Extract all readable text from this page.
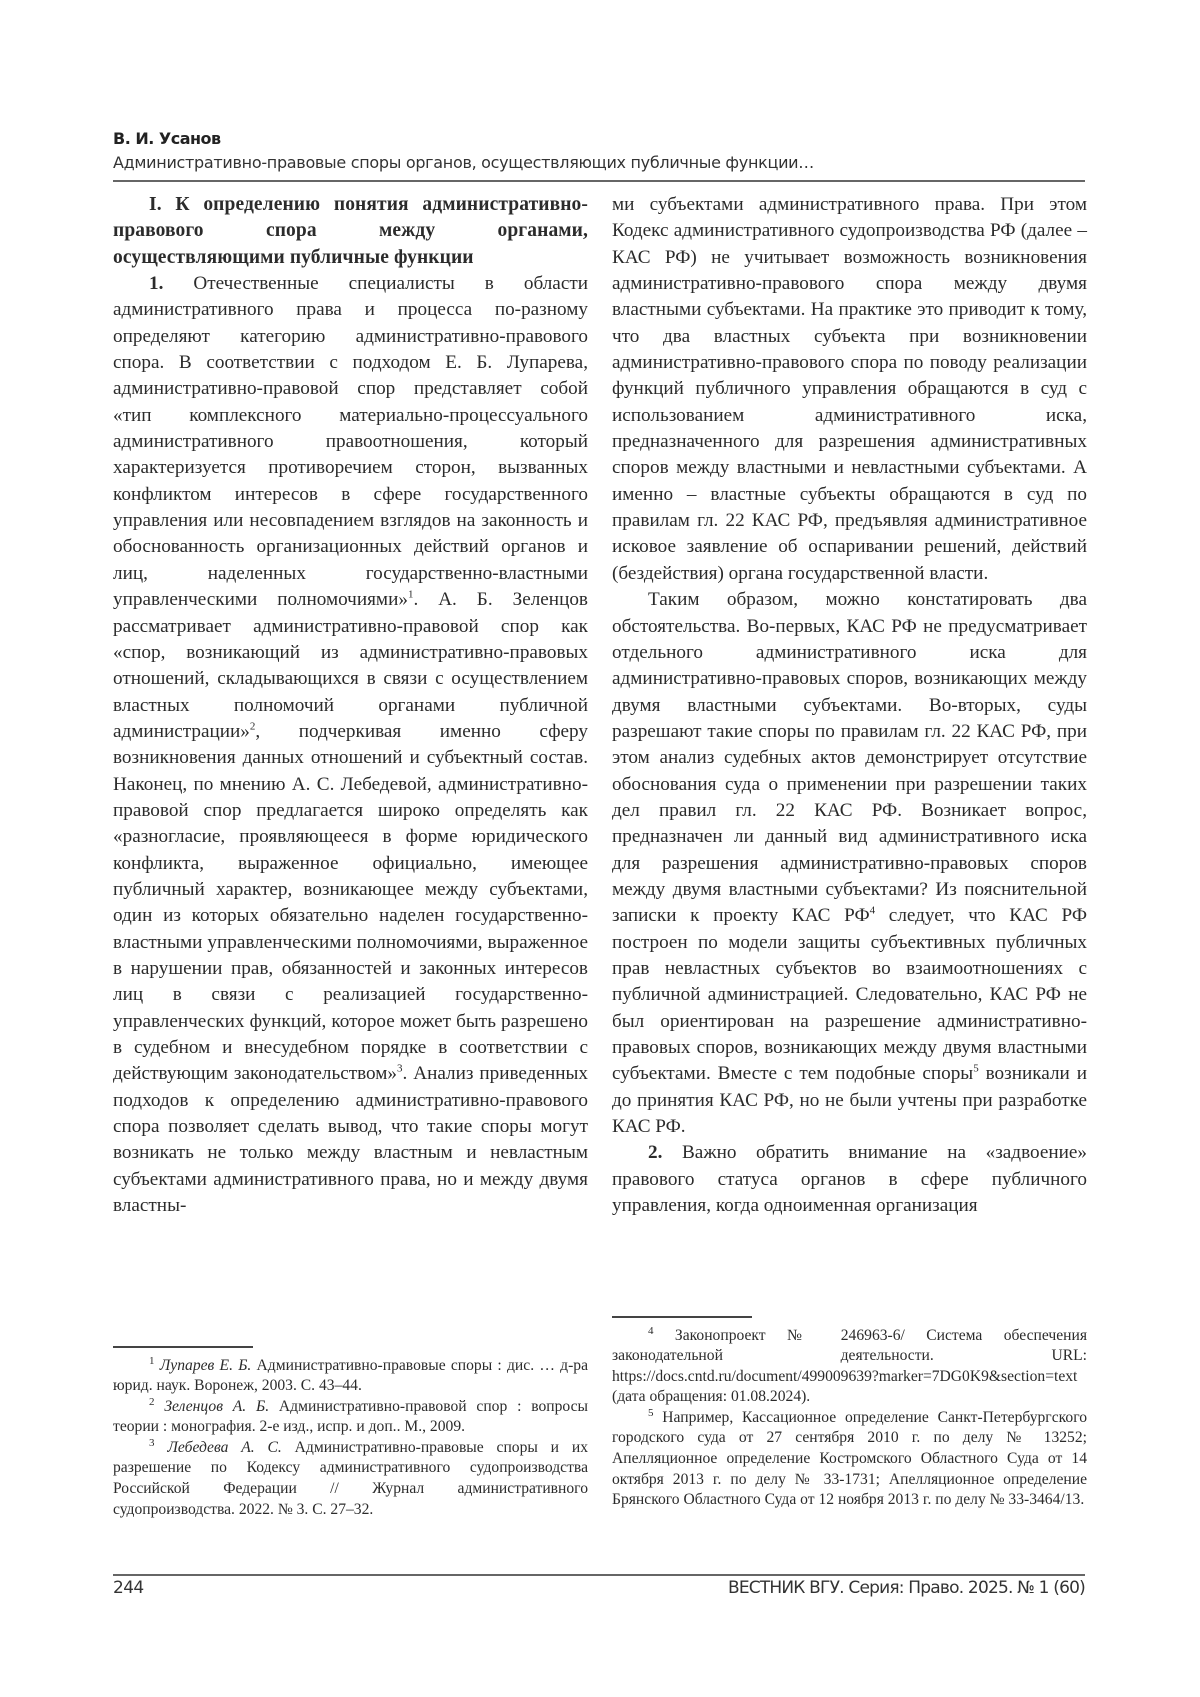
В. И. Усанов
Административно-правовые споры органов, осуществляющих публичные функции…

I. К определению понятия административно-правового спора между органами, осуществляющими публичные функции

1. Отечественные специалисты в области административного права и процесса по-разному определяют категорию административно-правового спора. В соответствии с подходом Е. Б. Лупарева, административно-правовой спор представляет собой «тип комплексного материально-процессуального административного правоотношения, который характеризуется противоречием сторон, вызванных конфликтом интересов в сфере государственного управления или несовпадением взглядов на законность и обоснованность организационных действий органов и лиц, наделенных государственно-властными управленческими полномочиями»$^1$. А. Б. Зеленцов рассматривает административно-правовой спор как «спор, возникающий из административно-правовых отношений, складывающихся в связи с осуществлением властных полномочий органами публичной администрации»$^2$, подчеркивая именно сферу возникновения данных отношений и субъектный состав. Наконец, по мнению А. С. Лебедевой, административно-правовой спор предлагается широко определять как «разногласие, проявляющееся в форме юридического конфликта, выраженное официально, имеющее публичный характер, возникающее между субъектами, один из которых обязательно наделен государственно-властными управленческими полномочиями, выраженное в нарушении прав, обязанностей и законных интересов лиц в связи с реализацией государственно-управленческих функций, которое может быть разрешено в судебном и внесудебном порядке в соответствии с действующим законодательством»$^3$. Анализ приведенных подходов к определению административно-правового спора позволяет сделать вывод, что такие споры могут возникать не только между властным и невластным субъектами административного права, но и между двумя властны-

ми субъектами административного права. При этом Кодекс административного судопроизводства РФ (далее – КАС РФ) не учитывает возможность возникновения административно-правового спора между двумя властными субъектами. На практике это приводит к тому, что два властных субъекта при возникновении административно-правового спора по поводу реализации функций публичного управления обращаются в суд с использованием административного иска, предназначенного для разрешения административных споров между властными и невластными субъектами. А именно – властные субъекты обращаются в суд по правилам гл. 22 КАС РФ, предъявляя административное исковое заявление об оспаривании решений, действий (бездействия) органа государственной власти.

Таким образом, можно констатировать два обстоятельства. Во-первых, КАС РФ не предусматривает отдельного административного иска для административно-правовых споров, возникающих между двумя властными субъектами. Во-вторых, суды разрешают такие споры по правилам гл. 22 КАС РФ, при этом анализ судебных актов демонстрирует отсутствие обоснования суда о применении при разрешении таких дел правил гл. 22 КАС РФ. Возникает вопрос, предназначен ли данный вид административного иска для разрешения административно-правовых споров между двумя властными субъектами? Из пояснительной записки к проекту КАС $РФ^4$ следует, что КАС РФ построен по модели защиты субъективных публичных прав невластных субъектов во взаимоотношениях с публичной администрацией. Следовательно, КАС РФ не был ориентирован на разрешение административно-правовых споров, возникающих между двумя властными субъектами. Вместе с тем подобные споры$^5$ возникали и до принятия КАС РФ, но не были учтены при разработке КАС РФ.

2. Важно обратить внимание на «задвоение» правового статуса органов в сфере публичного управления, когда одноименная организация

$^1$ Лупарев Е. Б. Административно-правовые споры : дис. … д-ра юрид. наук. Воронеж, 2003. С. 43–44.

$^2$ Зеленцов А. Б. Административно-правовой спор : вопросы теории : монография. 2-е изд., испр. и доп.. М., 2009.

$^3$ Лебедева А. С. Административно-правовые споры и их разрешение по Кодексу административного судопроизводства Российской Федерации // Журнал административного судопроизводства. 2022. № 3. С. 27–32.

$^4$ Законопроект № 246963-6/ Система обеспечения законодательной деятельности. URL: https://docs.cntd.ru/document/499009639?marker=7DG0K9&section=text (дата обращения: 01.08.2024).

$^5$ Например, Кассационное определение Санкт-Петербургского городского суда от 27 сентября 2010 г. по делу № 13252; Апелляционное определение Костромского Областного Суда от 14 октября 2013 г. по делу № 33-1731; Апелляционное определение Брянского Областного Суда от 12 ноября 2013 г. по делу № 33-3464/13.

244	ВЕСТНИК ВГУ. Серия: Право. 2025. № 1 (60)
